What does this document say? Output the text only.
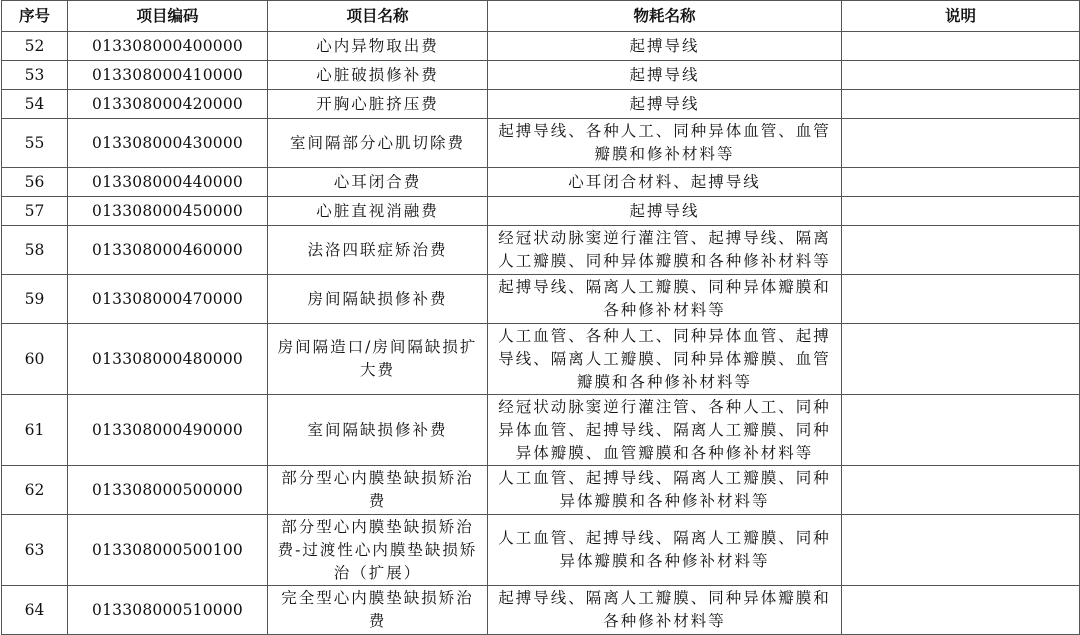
序号	项目编码	项目名称	物耗名称	说明
52	013308000400000	心内异物取出费	起搏导线	
53	013308000410000	心脏破损修补费	起搏导线	
54	013308000420000	开胸心脏挤压费	起搏导线	
55	013308000430000	室间隔部分心肌切除费	起搏导线、各种人工、同种异体血管、血管瓣膜和修补材料等	
56	013308000440000	心耳闭合费	心耳闭合材料、起搏导线	
57	013308000450000	心脏直视消融费	起搏导线	
58	013308000460000	法洛四联症矫治费	经冠状动脉窦逆行灌注管、起搏导线、隔离人工瓣膜、同种异体瓣膜和各种修补材料等	
59	013308000470000	房间隔缺损修补费	起搏导线、隔离人工瓣膜、同种异体瓣膜和各种修补材料等	
60	013308000480000	房间隔造口/房间隔缺损扩大费	人工血管、各种人工、同种异体血管、起搏导线、隔离人工瓣膜、同种异体瓣膜、血管瓣膜和各种修补材料等	
61	013308000490000	室间隔缺损修补费	经冠状动脉窦逆行灌注管、各种人工、同种异体血管、起搏导线、隔离人工瓣膜、同种异体瓣膜、血管瓣膜和各种修补材料等	
62	013308000500000	部分型心内膜垫缺损矫治费	人工血管、起搏导线、隔离人工瓣膜、同种异体瓣膜和各种修补材料等	
63	013308000500100	部分型心内膜垫缺损矫治费-过渡性心内膜垫缺损矫治（扩展）	人工血管、起搏导线、隔离人工瓣膜、同种异体瓣膜和各种修补材料等	
64	013308000510000	完全型心内膜垫缺损矫治费	起搏导线、隔离人工瓣膜、同种异体瓣膜和各种修补材料等	
